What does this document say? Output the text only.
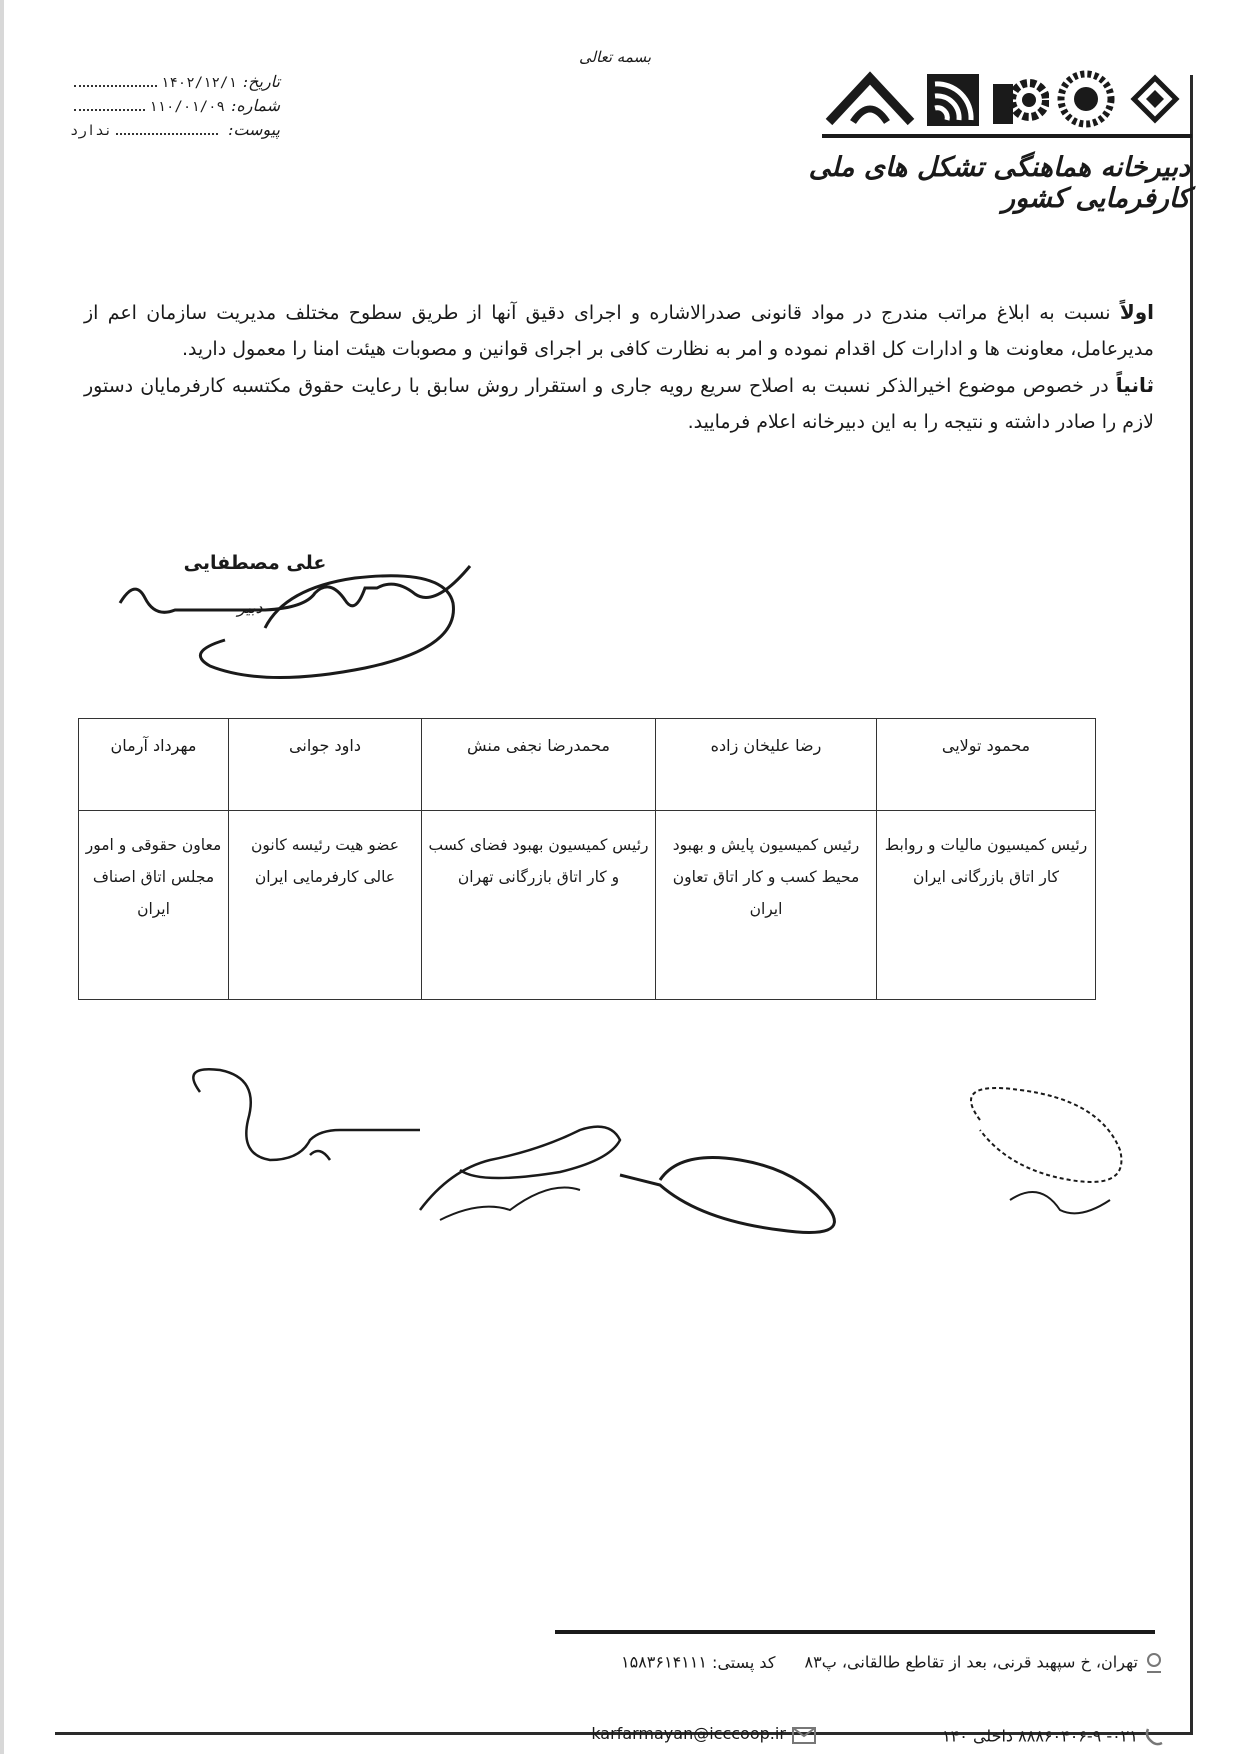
بسمه تعالی
تاریخ:
۱۴۰۲/۱۲/۱
شماره:
۱۱۰/۰۱/۰۹
پیوست:
ندارد
دبیرخانه هماهنگی تشکل های ملی کارفرمایی کشور

اولاً نسبت به ابلاغ مراتب مندرج در مواد قانونی صدرالاشاره و اجرای دقیق آنها از طریق سطوح مختلف مدیریت سازمان اعم از مدیرعامل، معاونت ها و ادارات کل اقدام نموده و امر به نظارت کافی بر اجرای قوانین و مصوبات هیئت امنا را معمول دارید.

ثانیاً در خصوص موضوع اخیرالذکر نسبت به اصلاح سریع رویه جاری و استقرار روش سابق با رعایت حقوق مکتسبه کارفرمایان دستور لازم را صادر داشته و نتیجه را به این دبیرخانه اعلام فرمایید.

علی مصطفایی
دبیر
محمود تولایی
رئیس کمیسیون مالیات و روابط کار اتاق بازرگانی ایران
رضا علیخان زاده
رئیس کمیسیون پایش و بهبود محیط کسب و کار اتاق تعاون ایران
محمدرضا نجفی منش
رئیس کمیسیون بهبود فضای کسب و کار اتاق بازرگانی تهران
داود جوانی
عضو هیت رئیسه کانون عالی کارفرمایی ایران
مهرداد آرمان
معاون حقوقی و امور مجلس اتاق اصناف ایران
تهران، خ سپهبد قرنی، بعد از تقاطع طالقانی، پ۸۳ کد پستی: ۱۵۸۳۶۱۴۱۱۱
۰۲۱- ۸۸۸۶۰۴۰۶-۹ داخلی ۱۴۰
karfarmayan@icccoop.ir
